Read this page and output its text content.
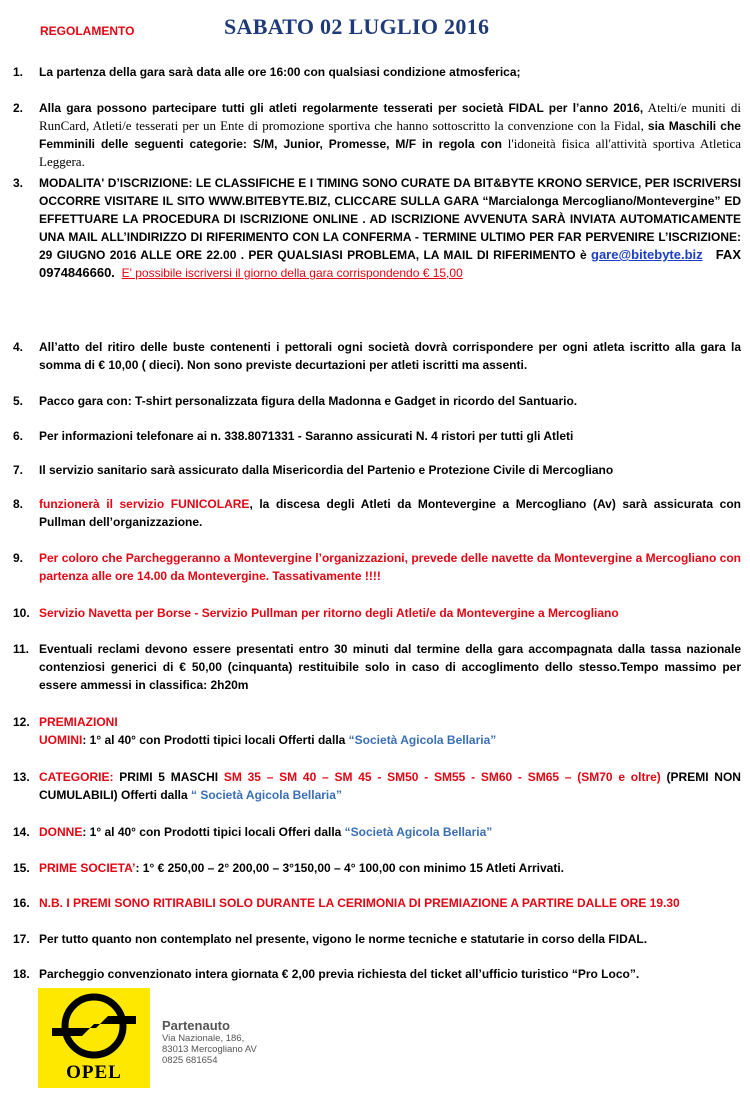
REGOLAMENTO	SABATO 02 LUGLIO 2016
1. La partenza della gara sarà data alle ore 16:00 con qualsiasi condizione atmosferica;
2. Alla gara possono partecipare tutti gli atleti regolarmente tesserati per società FIDAL per l’anno 2016, Atelti/e muniti di RunCard, Atleti/e tesserati per un Ente di promozione sportiva che hanno sottoscritto la convenzione con la Fidal, sia Maschili che Femminili delle seguenti categorie: S/M, Junior, Promesse, M/F in regola con l'idoneità fisica all'attività sportiva Atletica Leggera.
3. MODALITA' D’ISCRIZIONE: LE CLASSIFICHE E I TIMING SONO CURATE DA BIT&BYTE KRONO SERVICE, PER ISCRIVERSI OCCORRE VISITARE IL SITO WWW.BITEBYTE.BIZ, CLICCARE SULLA GARA “Marcialonga Mercogliano/Montevergine” ED EFFETTUARE LA PROCEDURA DI ISCRIZIONE ONLINE . AD ISCRIZIONE AVVENUTA SARÀ INVIATA AUTOMATICAMENTE UNA MAIL ALL’INDIRIZZO DI RIFERIMENTO CON LA CONFERMA - TERMINE ULTIMO PER FAR PERVENIRE L’ISCRIZIONE: 29 GIUGNO 2016 ALLE ORE 22.00 . PER QUALSIASI PROBLEMA, LA MAIL DI RIFERIMENTO è gare@bitebyte.biz FAX 0974846660. E' possibile iscriversi il giorno della gara corrispondendo € 15,00
4. All’atto del ritiro delle buste contenenti i pettorali ogni società dovrà corrispondere per ogni atleta iscritto alla gara la somma di € 10,00 ( dieci). Non sono previste decurtazioni per atleti iscritti ma assenti.
5. Pacco gara con: T-shirt personalizzata figura della Madonna e Gadget in ricordo del Santuario.
6. Per informazioni telefonare ai n. 338.8071331 - Saranno assicurati N. 4 ristori per tutti gli Atleti
7. Il servizio sanitario sarà assicurato dalla Misericordia del Partenio e Protezione Civile di Mercogliano
8. funzionerà il servizio FUNICOLARE, la discesa degli Atleti da Montevergine a Mercogliano (Av) sarà assicurata con Pullman dell’organizzazione.
9. Per coloro che Parcheggeranno a Montevergine l’organizzazioni, prevede delle navette da Montevergine a Mercogliano con partenza alle ore 14.00 da Montevergine. Tassativamente !!!!
10. Servizio Navetta per Borse - Servizio Pullman per ritorno degli Atleti/e da Montevergine a Mercogliano
11. Eventuali reclami devono essere presentati entro 30 minuti dal termine della gara accompagnata dalla tassa nazionale contenziosi generici di € 50,00 (cinquanta) restituibile solo in caso di accoglimento dello stesso.Tempo massimo per essere ammessi in classifica: 2h20m
12. PREMIAZIONI
UOMINI: 1° al 40° con Prodotti tipici locali Offerti dalla “Società Agicola Bellaria”
13. CATEGORIE: PRIMI 5 MASCHI SM 35 – SM 40 – SM 45 - SM50 - SM55 - SM60 - SM65 – (SM70 e oltre) (PREMI NON CUMULABILI) Offerti dalla “ Società Agicola Bellaria”
14. DONNE: 1° al 40° con Prodotti tipici locali Offeri dalla “Società Agicola Bellaria”
15. PRIME SOCIETA’: 1° € 250,00 – 2° 200,00 – 3°150,00 – 4° 100,00 con minimo 15 Atleti Arrivati.
16. N.B. I PREMI SONO RITIRABILI SOLO DURANTE LA CERIMONIA DI PREMIAZIONE A PARTIRE DALLE ORE 19.30
17. Per tutto quanto non contemplato nel presente, vigono le norme tecniche e statutarie in corso della FIDAL.
18. Parcheggio convenzionato intera giornata € 2,00 previa richiesta del ticket all’ufficio turistico “Pro Loco”.
OPEL
Partenauto
Via Nazionale, 186,
83013 Mercogliano AV
0825 681654
